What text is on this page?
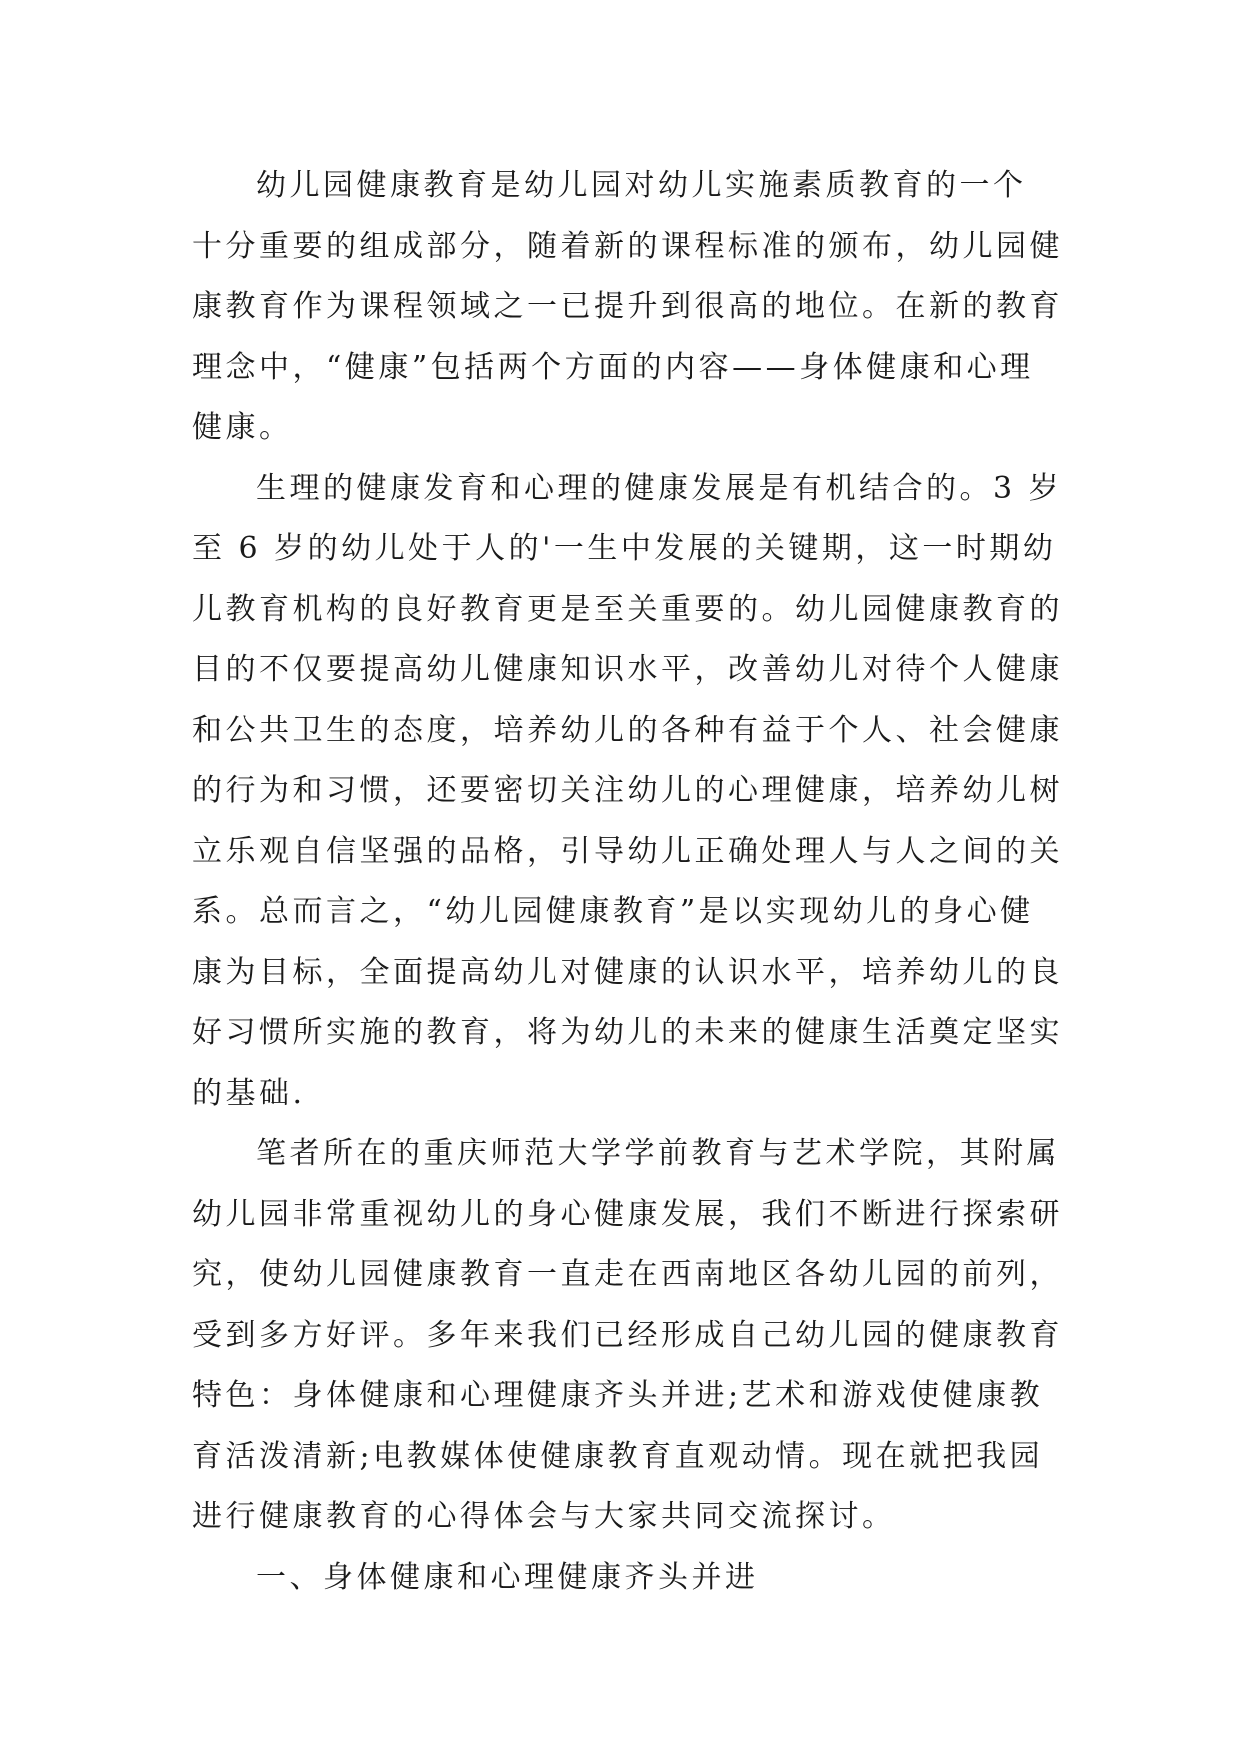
幼儿园健康教育是幼儿园对幼儿实施素质教育的一个
十分重要的组成部分，随着新的课程标准的颁布，幼儿园健
康教育作为课程领域之一已提升到很高的地位。在新的教育
理念中，“健康”包括两个方面的内容——身体健康和心理
健康。
生理的健康发育和心理的健康发展是有机结合的。3 岁
至 6 岁的幼儿处于人的'一生中发展的关键期，这一时期幼
儿教育机构的良好教育更是至关重要的。幼儿园健康教育的
目的不仅要提高幼儿健康知识水平，改善幼儿对待个人健康
和公共卫生的态度，培养幼儿的各种有益于个人、社会健康
的行为和习惯，还要密切关注幼儿的心理健康，培养幼儿树
立乐观自信坚强的品格，引导幼儿正确处理人与人之间的关
系。总而言之，“幼儿园健康教育”是以实现幼儿的身心健
康为目标，全面提高幼儿对健康的认识水平，培养幼儿的良
好习惯所实施的教育，将为幼儿的未来的健康生活奠定坚实
的基础.
笔者所在的重庆师范大学学前教育与艺术学院，其附属
幼儿园非常重视幼儿的身心健康发展，我们不断进行探索研
究，使幼儿园健康教育一直走在西南地区各幼儿园的前列，
受到多方好评。多年来我们已经形成自己幼儿园的健康教育
特色：身体健康和心理健康齐头并进;艺术和游戏使健康教
育活泼清新;电教媒体使健康教育直观动情。现在就把我园
进行健康教育的心得体会与大家共同交流探讨。
一、身体健康和心理健康齐头并进
